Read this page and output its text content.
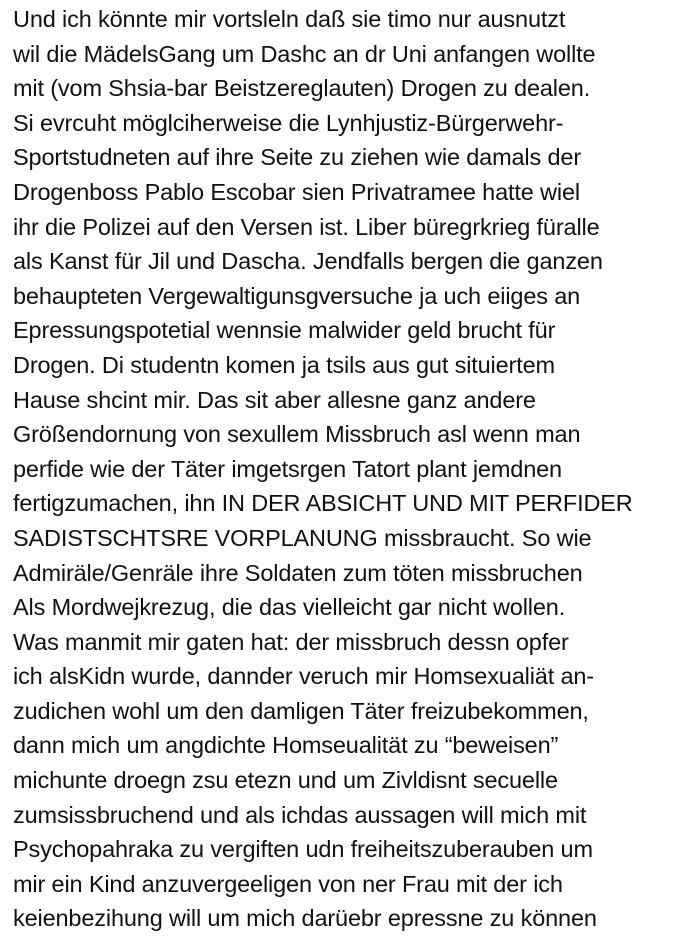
Und ich könnte mir vortsleln daß sie timo nur ausnutzt
wil die MädelsGang um Dashc an dr Uni anfangen wollte
mit (vom Shsia-bar Beistzereglauten) Drogen zu dealen.
Si evrcuht möglciherweise die Lynhjustiz-Bürgerwehr-
Sportstudneten auf ihre Seite zu ziehen wie damals der
Drogenboss Pablo Escobar sien Privatramee hatte wiel
ihr die Polizei auf den Versen ist. Liber büregrkrieg füralle
als Kanst für Jil und Dascha. Jendfalls bergen die ganzen
behaupteten Vergewaltigunsgversuche ja uch eiiges an
Epressungspotetial wennsie malwider geld brucht für
Drogen. Di studentn komen ja tsils aus gut situiertem
Hause shcint mir. Das sit aber allesne ganz andere
Größendornung von sexullem Missbruch asl wenn man
perfide wie der Täter imgetsrgen Tatort plant jemdnen
fertigzumachen, ihn IN DER ABSICHT UND MIT PERFIDER
SADISTSCHTSRE VORPLANUNG missbraucht. So wie
Admiräle/Genräle ihre Soldaten zum töten missbruchen
Als Mordwejkrezug, die das vielleicht gar nicht wollen.
Was manmit mir gaten hat: der missbruch dessn opfer
ich alsKidn wurde, dannder veruch mir Homsexualiät an-
zudichen wohl um den damligen Täter freizubekommen,
dann mich um angdichte Homseualität zu “beweisen”
michunte droegn zsu etezn und um Zivldisnt secuelle
zumsissbruchend und als ichdas aussagen will mich mit
Psychopahraka zu vergiften udn freiheitszuberauben um
mir ein Kind anzuvergeeligen von ner Frau mit der ich
keienbezihung will um mich darüebr epressne zu können
